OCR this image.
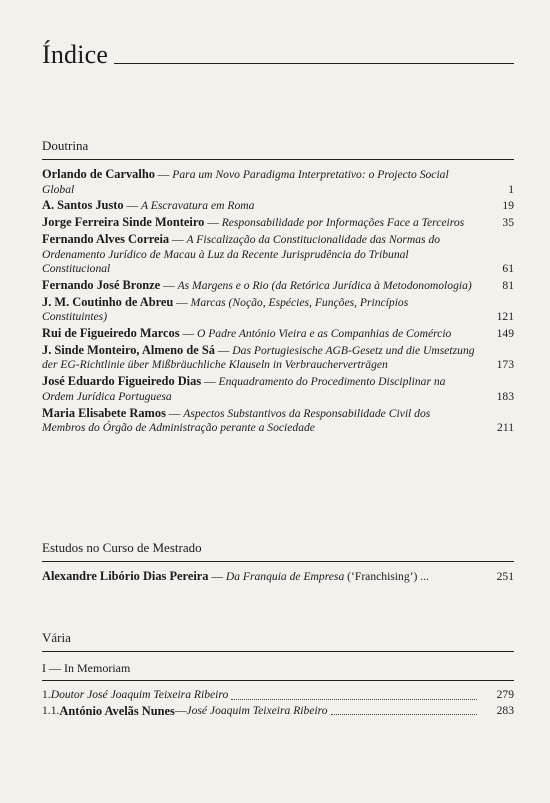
Índice
Doutrina
Orlando de Carvalho — Para um Novo Paradigma Interpretativo: o Projecto Social Global	1
A. Santos Justo — A Escravatura em Roma	19
Jorge Ferreira Sinde Monteiro — Responsabilidade por Informações Face a Terceiros	35
Fernando Alves Correia — A Fiscalização da Constitucionalidade das Normas do Ordenamento Jurídico de Macau à Luz da Recente Jurisprudência do Tribunal Constitucional	61
Fernando José Bronze — As Margens e o Rio (da Retórica Jurídica à Metodonomologia)	81
J. M. Coutinho de Abreu — Marcas (Noção, Espécies, Funções, Princípios Constituintes)	121
Rui de Figueiredo Marcos — O Padre António Vieira e as Companhias de Comércio	149
J. Sinde Monteiro, Almeno de Sá — Das Portugiesische AGB-Gesetz und die Umsetzung der EG-Richtlinie über Mißbräuchliche Klauseln in Verbraucherverträgen	173
José Eduardo Figueiredo Dias — Enquadramento do Procedimento Disciplinar na Ordem Jurídica Portuguesa	183
Maria Elisabete Ramos — Aspectos Substantivos da Responsabilidade Civil dos Membros do Órgão de Administração perante a Sociedade	211
Estudos no Curso de Mestrado
Alexandre Libório Dias Pereira — Da Franquia de Empresa (‘Franchising’) ...	251
Vária
I — In Memoriam
1. Doutor José Joaquim Teixeira Ribeiro	279
1.1. António Avelãs Nunes — José Joaquim Teixeira Ribeiro	283
